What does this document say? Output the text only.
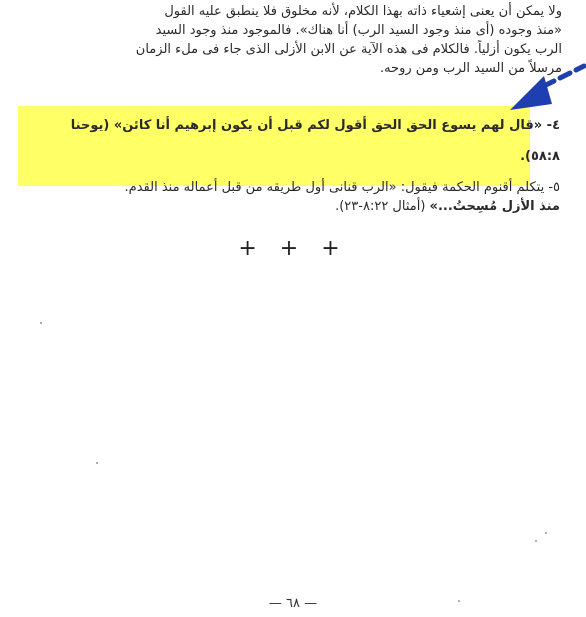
ولا يمكن أن يعنى إشعياء ذاته بهذا الكلام، لأنه مخلوق فلا ينطبق عليه القول
«منذ وجوده (أى منذ وجود السيد الرب) أنا هناك». فالموجود منذ وجود السيد
الرب يكون أزلياً. فالكلام فى هذه الآية عن الابن الأزلى الذى جاء فى ملء الزمان
مرسلاً من السيد الرب ومن روحه.
٤- «قال لهم يسوع الحق الحق أقول لكم قبل أن يكون إبرهيم أنا كائن» (يوحنا
٥٨:٨).
٥- يتكلم أقنوم الحكمة فيقول: «الرب قنانى أول طريقه من قبل أعماله منذ القدم.
منذ الأزل مُسِحتُ...» (أمثال ٨:٢٢-٢٣).
+ + +
— ٦٨ —
